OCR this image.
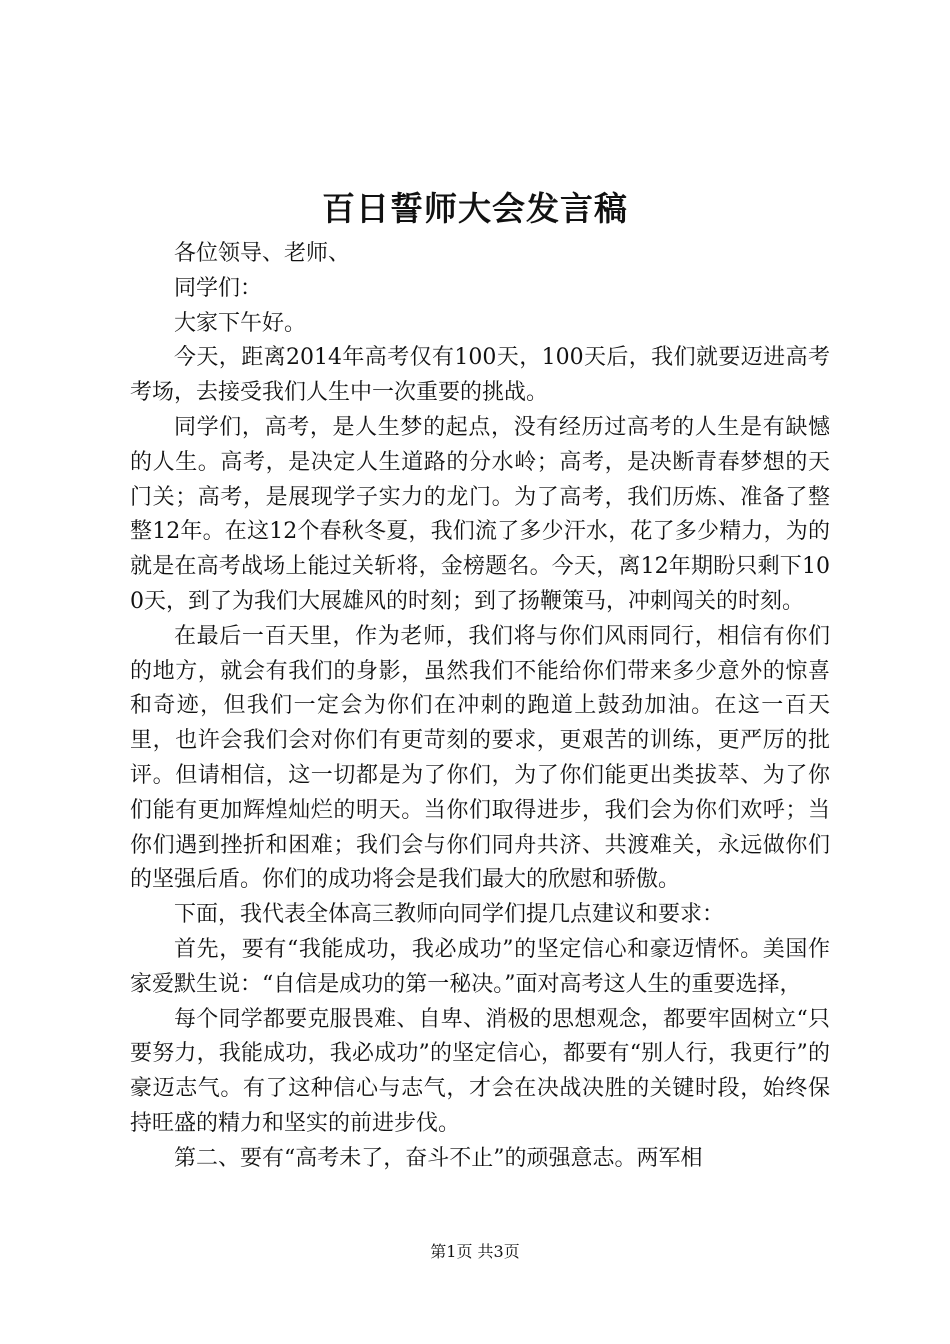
百日誓师大会发言稿

各位领导、老师、

同学们：

大家下午好。

今天，距离2014年高考仅有100天，100天后，我们就要迈进高考考场，去接受我们人生中一次重要的挑战。

同学们，高考，是人生梦的起点，没有经历过高考的人生是有缺憾的人生。高考，是决定人生道路的分水岭；高考，是决断青春梦想的天门关；高考，是展现学子实力的龙门。为了高考，我们历炼、准备了整整12年。在这12个春秋冬夏，我们流了多少汗水，花了多少精力，为的就是在高考战场上能过关斩将，金榜题名。今天，离12年期盼只剩下100天，到了为我们大展雄风的时刻；到了扬鞭策马，冲刺闯关的时刻。

在最后一百天里，作为老师，我们将与你们风雨同行，相信有你们的地方，就会有我们的身影，虽然我们不能给你们带来多少意外的惊喜和奇迹，但我们一定会为你们在冲刺的跑道上鼓劲加油。在这一百天里，也许会我们会对你们有更苛刻的要求，更艰苦的训练，更严厉的批评。但请相信，这一切都是为了你们，为了你们能更出类拔萃、为了你们能有更加辉煌灿烂的明天。当你们取得进步，我们会为你们欢呼；当你们遇到挫折和困难；我们会与你们同舟共济、共渡难关，永远做你们的坚强后盾。你们的成功将会是我们最大的欣慰和骄傲。

下面，我代表全体高三教师向同学们提几点建议和要求：

首先，要有“我能成功，我必成功”的坚定信心和豪迈情怀。美国作家爱默生说：“自信是成功的第一秘决。”面对高考这人生的重要选择，

每个同学都要克服畏难、自卑、消极的思想观念，都要牢固树立“只要努力，我能成功，我必成功”的坚定信心，都要有“别人行，我更行”的豪迈志气。有了这种信心与志气，才会在决战决胜的关键时段，始终保持旺盛的精力和坚实的前进步伐。

第二、要有“高考未了，奋斗不止”的顽强意志。两军相

第1页 共3页
